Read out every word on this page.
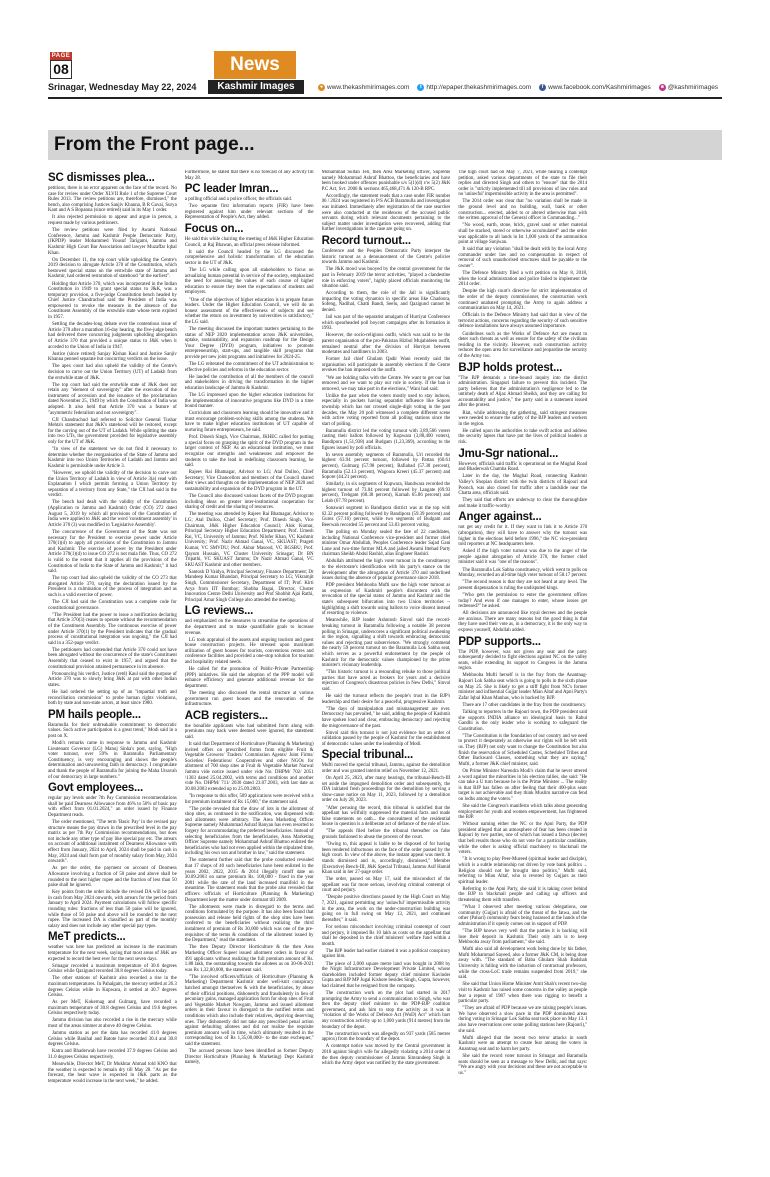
PAGE
08	News
Kashmir Images
Srinagar, Wednesday May 22, 2024	● www.thekashmirimages.com	t http://epaper.thekashmirimages.com	f www.facebook.com/Kashmirimages	■ @kashmirimages
From the Front page...
SC dismisses plea...

petitions, there is no error apparent on the face of the record. No case for review under Order XLVII Rule 1 of the Supreme Court Rules 2013. The review petitions are, therefore, dismissed," the bench, also comprising Justices Sanjiv Khanna, B R Gavai, Surya Kant and A S Bopanna (since retired) said in its May 1 order.

It also rejected permission to appear and argue in person, a request made by various petitioners.

The review petitions were filed by Awami National Conference, Jammu and Kashmir People Democratic Party, (JKPDP) leader Mohammed Yousuf Tarigami, Jammu and Kashmir High Court Bar Association and lawyer Muzaffar Iqbal Khan.

On December 11, the top court while upholding the Centre's 2019 decision to abrogate Article 370 of the Constitution, which bestowed special status on the erstwhile state of Jammu and Kashmir, had ordered restoration of statehood "at the earliest".

Holding that Article 370, which was incorporated in the Indian Constitution in 1949 to grant special status to J&K, was a temporary provision, a five-judge Constitution bench headed by Chief Justice Chandrachud said the President of India was empowered to revoke the measure in the absence of the Constituent Assembly of the erstwhile state whose term expired in 1957.

Settling the decades-long debate over the contentious issue of Article 370 after a marathon 16-day hearing, the five-judge bench had delivered three concurring judgments upholding abrogation of Article 370 that provided a unique status to J&K when it acceded to the Union of India in 1947.

Justice (since retired) Sanjay Kishan Kaul and Justice Sanjiv Khanna penned separate but concurring verdicts on the issue.

The apex court had also upheld the validity of the Centre's decision to carve out the Union Territory (UT) of Ladakh from the erstwhile state of J&K.

The top court had said the erstwhile state of J&K does not retain any "element of sovereignty" after the execution of the instrument of accession and the issuance of the proclamation dated November 25, 1949 by which the Constitution of India was adopted. It also held that Article 370 was a feature of "asymmetric federalism and not sovereignty".

CJI Chandrachud had referred to Solicitor General Tushar Mehta's statement that J&K's statehood will be restored, except for the carving out of the UT of Ladakh. While splitting the state into two UTs, the government provided for legislative assembly only for the UT of J&K.

"In view of the statement we do not find it necessary to determine whether the reorganisation of the State of Jammu and Kashmir into two Union Territories of Ladakh and Jammu and Kashmir is permissible under Article 3.

"However, we uphold the validity of the decision to carve out the Union Territory of Ladakh in view of Article 3(a) read with Explanation I which permits forming a Union Territory by separation of a territory from any State," the CJI had said in the verdict.

The bench had dealt with the validity of the Constitution (Application to Jammu and Kashmir) Order (CO) 272 dated August 5, 2019 by which all provisions of the Constitution of India were applied to J&K and the word 'constituent assembly' in Article 370 (3) was modified to 'Legislative Assembly'.

The concurrence of the Government of the State was not necessary for the President to exercise power under Article 370(1)(d) to apply all provisions of the Constitution to Jammu and Kashmir. The exercise of power by the President under Article 370(1)(d) to issue CO 272 is not mala fide. Thus, CO 272 is valid to the extent that it applies all the provisions of the Constitution of India to the State of Jammu and Kashmir," it had said.

The top court had also upheld the validity of the CO 273 that abrogated Article 370, saying the declaration issued by the President is a culmination of the process of integration and as such is a valid exercise of power.

The CJI had said the Constitution was a complete code for constitutional governance.

"The President had the power to issue a notification declaring that Article 370(3) ceases to operate without the recommendation of the Constituent Assembly. The continuous exercise of power under Article 370(1) by the President indicates that the gradual process of constitutional integration was ongoing," the CJI had said in a 352-page verdict.

The petitioners had contended that Article 370 could not have been abrogated without the concurrence of the state's Constituent Assembly that ceased to exist in 1957, and argued that the constitutional provision attained permanence in its absence.

Pronouncing his verdict, Justice (retd) Kaul said the purpose of Article 370 was to slowly bring J&K at par with other Indian states.

He had ordered the setting up of an "impartial truth and reconciliation commission" to probe human rights violations, both by state and non-state actors, at least since 1980.

PM hails people...

Baramulla for their unbreakable commitment to democratic values. Such active participation is a great trend," Modi said in a post on X.

Modi's remarks came in response to Jammu and Kashmir Lieutenant Governor (LG) Manoj Sinha's post, saying, "High voter turnout, over 59% in Baramulla Parliamentary Constituency, is very encouraging and shows the people's determination and unwavering faith in democracy. I congratulate and thank the people of Baramulla for joining the Maha Utsavah of our democracy in large numbers."

Govt employees...

regular pay levels under 7th Pay Commission recommendations shall be paid Dearness Allowance from 46% to 50% of basic pay with effect from 01.01.2024," an order issued by Finance Department reads.

The order mentioned, "The term 'Basic Pay' in the revised pay structure means the pay drawn in the prescribed level in the pay matrix as per 7th Pay Commission recommendations, but does not include any other type of pay like special pay etc. The arrears on account of additional instalment of Dearness Allowance with effect from January, 2024 to April, 2024 shall be paid in cash in May, 2024 and shall form part of monthly salary from May, 2024 onwards".

As per the order, the payment on account of Dearness Allowance involving a fraction of 50 paise and above shall be rounded to the next higher rupee and the fraction of less than 50 paise shall be ignored.

Key points from the order include the revised DA will be paid in cash from May 2024 onwards, with arrears for the period from January to April 2024. Payment calculations will follow specific rounding rules: fractions of less than 50 paise will be ignored, while those of 50 paise and above will be rounded to the next rupee. The increased DA is classified as part of the monthly salary and does not include any other special pay types.

MeT predicts...

weather was here has predicted an increase in the maximum temperature for the next week, saying that most areas of J&K are expected to record the best ever for the next seven days.

Srinagar recorded a maximum temperature of 30.6 degrees Celsius while Qazigund recorded 30.8 degrees Celsius today.

The other stations of Kashmir also recorded a rise in the maximum temperatures. In Pahalgam, the mercury settled at 26.3 degrees Celsius while in Kupwara, it settled at 30.7 degrees Celsius.

As per MeT, Kokernag and Gulmarg, have recorded a maximum temperature of 30.8 degrees Celsius and 19.6 degrees Celsius respectively today.

Jammu division has also recorded a rise in the mercury while most of the areas simmer at above 40 degree Celsius.

Jammu station as per the data has recorded 41.0 degrees Celsius while Banihal and Batote have recorded 30.4 and 30.8 degrees Celsius.

Katra and Bhaderwah have recorded 37.9 degrees Celsius and 31.0 degrees Celsius respectively.

Meanwhile, Director MeT, Dr Mukhtar Ahmad told KNO that the weather is expected to remain dry till May 28. "As per the forecast, the heat wave is expected in J&K parts as the temperature would increase in the next week," he added.

Furthermore, he stated that there is no forecast of any activity till May 28.

PC leader Imran...

a polling official and a police officer, the officials said.

Two separate first information reports (FIR) have been registered against him under relevant sections of the Representation of People's Act, they added.

Focus on...

He said this while chairing the meeting of J&K Higher Education Council, at Raj Bhawan, an official press release informed.

It said the Council headed by the LG discussed the comprehensive and holistic transformation of the education sector in the UT of J&K.

The LG while calling upon all stakeholders to focus on actualizing human potential in service of the society, emphasized the need for assessing the values of each course of higher education to ensure they meet the expectations of students and employers.

"One of the objectives of higher education is to prepare future leaders. Under the Higher Education Council, we will do an honest assessment of the effectiveness of subjects and see whether the return on investment by universities is satisfactory," the LG said.

The meeting discussed the important matters pertaining to the status of NEP 2020 implementation across J&K universities, uptake, sustainability, and expansion roadmap for the Design Your Degree (DYD) program, initiatives to promote entrepreneurship, start-ups, and tangible skill programs that provide per new joint programs and initiatives for 2024-25.

The LG reiterated the commitment of the UT administration to effective policies and reforms in the education sector.

He lauded the contribution of all the members of the council and stakeholders in driving the transformation in the higher education landscape of Jammu & Kashmir.

The LG impressed upon the higher education institutions for the implementation of innovative programs like DYD in a time bound manner.

Curriculum and classroom learning should be innovative and it must encourage problem-solving skills among the students. We have to make higher education institutions of UT capable of nurturing future entrepreneurs, he said.

Prof. Dinesh Singh, Vice Chairman, JKHEC called for putting a special focus on grasping the spirit of the DYD program in the larger context of NEP. As an educational institution, we must recognize our strengths and weaknesses and empower the students to take the lead in redefining classroom learning, he said.

Rajeev Rai Bhatnagar, Advisor to LG; Atal Dulloo, Chief Secretary; Vice Chancellors and members of the Council shared their views and thoughts on the implementation of NEP 2020 and sustainability and expansion of the DYD program in the UT.

The Council also discussed various facets of the DYD program including ideas on greater inter-institutional cooperation for sharing of credit and the sharing of resources.

The meeting was attended by Rajeev Rai Bhatnagar, Advisor to LG; Atal Dulloo, Chief Secretary; Prof. Dinesh Singh, Vice Chairman, J&K Higher Education Council; Alok Kumar, Principal Secretary Higher Education Department; Prof. Umesh Rai, VC, University of Jammu; Prof. Nilofer Khan, VC Kashmir University; Prof. Nazir Ahmad Ganai, VC, SKUAST; Prageti Kumar, VC SMVDU; Prof. Akbar Masood, VC BGSBU; Prof. Qayum Hussain, VC Cluster University Srinagar; Dr BN Tripathi, VC SKUAST Jammu; Dr Nazir Ahmad Ganai, VC SKUAST Kashmir and other members.

Santosh D Vaidya, Principal Secretary, Finance Department; Dr Mandeep Kumar Bhandari, Principal Secretary to LG; Vikramjit Singh, Commissioner Secretary, Department of IT; Prof. Kirti Arya from IIT Bombay; Shobha Bagai, Director, Cluster Innovation Centre Delhi University and Prof Shobhit Ajai Rathi, Principal Amar Singh College also attended the meeting.

LG reviews...

and emphasized on the measures to streamline the operations of the department and to make quantifiable goals to increase revenue.

LG took appraisal of the assets and ongoing tourism and guest house construction projects. He stressed upon maximum utilization of guest houses for tourists, conventions centres and conference facilities and provided a one-stop solution for tourism and hospitality related needs.

He called for the promotion of Public-Private Partnership (PPP) initiatives. He said the adoption of the PPP model will enhance efficiency and generate additional revenue for the department.

The meeting also discussed the rental structure at various government run guest houses and the renovation of the infrastructure.

ACB registers...

the bonafide applicants who had submitted form along with premiums may back were deemed were ignored, the statement said.

It said that Department of Horticulture (Planning & Marketing) invited offers on prescribed forms from eligible Fruit & Vegetable Growers/ Traders/ Commission Agents/ Joint Firms/ Societies/ Federations/ Cooperatives and other NGOs for allotment of 700 shop sites at Fruit & Vegetable Market Narwal Jammu vide notice issued under vide No. DHPM/ 702/ 2051 /1303 dated 25.04.2002, with terms and conditions and another vide No. DHPM/ 711/ 2030 dated 23.07.2003, with last date as 30.08.2003 extended up to 25.09.2003.

"In response to this offer, 509 applications were received with a list premium instalment of Rs 15,000," the statement said.

"The probe revealed that the draw of lots in the allotment of shop sites, as continued in the notification, was dispensed with and allotments were arbitrary. The Area Marketing Officer Supreme namely Muhammad Ashraf Banyan has even resorted to forgery for accommodating the preferred beneficiaries. Instead of selecting beneficiaries from the beneficiaries, Area Marketing Officer Supreme namely Mohammad Ashraf Bhattoo enlisted the beneficiaries who had not even applied within the stipulated time, including his own son and brother in law," said the statement.

The statement further said that the probe conducted revealed that 17 shops of 40 such beneficiaries have been enlisted in the years 2002, 2022, 2015 & 2014 illegally cutoff date on 30.09.2003 on same premium Rs. 100,000 - fixed in the year 2001 while the rate of the land increased manifold in the meantime. The statement reads that the probe also revealed that officers /officials of Horticulture (Planning & Marketing) Department kept the matter under dormant till 2009.

The allotments were made in disregard to the terms and conditions formulated by the purpose. It has also been found that possession and release held rights of the shop sites have been conferred to the beneficiaries without realizing the third instalment of premium of Rs 30,000 which was one of the pre-requisites of the terms & conditions of the allotment issued by the Department," read the statement.

The then Deputy Director Horticulture & the then Area Marketing Officer Supeer issued allotment orders in favour of 491 applicants without realizing the full premium amount of Rs. 1.88 lakh, the outstanding towards the allotees as on 30-06-2021 was Rs 1,32,00,000, the statement said.

"The involved officers/officials of Horticulture (Planning & Marketing) Department Kashmir under well-knit conspiracy hatched amongst themselves & with the beneficiaries, by abuse of their official positions, dishonestly and fraudulently in lieu of pecuniary gains, managed application form for shop sites of Fruit and Vegetable Market Nowgam, Jammu and issued allotment orders in their favour in disregard to the notified terms and conditions which also include their relatives, depriving deserving ones. They dishonestly did not take any prescribed penal action against defaulting allotees and did not realize the requisite premium amount well in time, which ultimately resulted in the corresponding loss of Rs 1,35,00,000/- to the state exchequer," said the statement.

The accused persons have been identified as former Deputy Director Horticulture (Planning & Marketing) Dept Kashmir namely,

Mohammad Sultan Teli, then Area Marketing officer, Supreme namely Mohammad Ashraf Bhattoo, the beneficiaries and have been booked under offences punishable u/s 5(1)(d) r/w 5(2) J&K P.C Act, Svt. 2006 & sections 465,468,471 & 120-B RPC.

Accordingly, the statement reads that a case under FIR number 06 / 2024 was registered in P/S ACB Baramulla and investigation was initiated. Immediately after registration of the case searches were also conducted at the residences of the accused public servants during which relevant documents pertaining to the subject matter under investigation were recovered, adding that further investigations in the case are going on.

Record turnout...

Conference and the Peoples Democratic Party interpret the historic turnout as a denouncement of the Centre's policies towards Jammu and Kashmir.

The J&K mood was buoyed by the central government for the past in February 2019 the terror activities, "played a clandestine role in enforcing voters", highly placed officials monitoring the situation said.

According to them, the role of the Jail is significantly impacting the voting dynamics in specific areas like Chadoora, Sofeng, Nadihal, Chatti Bandi, Seelu, and Qazigund cannot be denied.

Jail was part of the separatist amalgam of Hurriyat Conference which spearheaded poll boycott campaigns after its formation in 1993.

However, the socio-religious outfit, which was said to be the parent organisation of the pro-Pakistan Hizbul Mujahideen outfit, remained neutral after the division of Hurriyat between moderates and hardliners in 2003.

Former Jail chief Ghulam Qadir Wani recently said the organisation will participate in assembly elections if the Centre revokes the ban imposed on the outfit.

"We are holding talks with the Centre. We want to get our ban removed and we want to play our role in society. If the ban is removed, we may take part in the elections," Wani had said.

Unlike the past when the voters mostly used to stay indoors, especially in pockets having separatist influence like Sopore township which has not crossed single-digit voting in the past decades, the May 20 poll witnessed a complete different scene with active voting reported from all polling stations since the start of polling.

Baramulla district led the voting turnout with 3,89,566 voters casting their ballots followed by Kupwara (3,88,400 voters), Bandipora (1,51,938) and Budgam (1,23,369), according to the figures issued by poll officials.

In seven assembly segments of Baramulla, Uri recorded the highest 63.94 percent turnout, followed by Pattan (60.61 percent), Gulmarg (57.98 percent), Rafiabad (57.38 percent), Baramulla (52.13 percent), Wagoora Kreeri (45.37 percent) and Sopore (44.21 percent).

Similarly, in six segments of Kupwara, Handwara recorded the highest turnout of 73.04 percent followed by Langate (69.93 percent), Trehgam (68.38 percent), Karnah 65.86 percent) and Lolab (67.78 percent).

Sonawari segment in Bandipora district was at the top with 62.32 percent polling followed by Bandipora (59.39 percent) and Gurez (57.16) percent, while two segments of Budgam and Beerwah recorded 55 percent and 53.83 percent voting.

The polling on Monday sealed the fate of 22 candidates, including National Conference vice-president and former chief minister Omar Abdullah, Peoples Conference leader Sajad Gani Lone and two-time former MLA and jailed Awami Ittehad Party chairman Sheikh Abdul Rashid, alias Engineer Rashid.

Abdullah attributed the high voter turnout in the constituency to the electorate's identification with his party's stance on the development after the abrogation of Article 370 and underlined issues during the absence of popular governance since 2018.

PDP president Mehbooba Mufti saw the high voter turnout as an expression of Kashmiri people's discontent with the revocation of the special status of Jammu and Kashmir and the state's subsequent bifurcation into two Union territories -- highlighting a shift towards using ballots to voice dissent instead of resorting to violence.

Meanwhile, BJP leader Ashutosh Sinvol said the record-breaking turnout in Baramulla following a notable 38 percent polling in Srinagar, underscores a significant political awakening in the region, signalling a shift towards embracing democratic values and rejecting past subservience. "We strongly commend the nearly 59 percent turnout on the Baramulla Lok Sabha seat, which serves as a powerful endorsement by the people of Kashmir for the democratic values championed by the prime minister's visionary leadership.

"This historic turnout is a resounding rebuke to those political parties that have acted as brokers for years and a decisive rejection of Congress's disastrous policies in New Delhi," Sinvol said.

He said the turnout reflects the people's trust in the BJP's leadership and their desire for a peaceful, progressive Kashmir.

"The days of manipulation and mismanagement are over. Democracy has prevailed," he said, adding the people of Kashmir have spoken loud and clear, embracing democracy and rejecting the misgovernance of the past.

Sinvol said this turnout is not just evidence but an order of validation passed by the people of Kashmir for the establishment of democratic values under the leadership of Modi.

Special tribunal...

Mufti moved the special tribunal, Jammu, against the demolition order and was granted interim relief on November 12, 2021.

On April 25, 2023, after many hearings, the tribunal-Bench-III set aside the impugned demolition order and subsequently, the JDA initiated fresh proceedings for the demolition by serving a show-cause notice on May 11, 2023, followed by a demolition order on July 28, 2023.

"After perusing the record, this tribunal is satisfied that the appellant has willfully suppressed the material facts and made false statements on oath... the concealment of the residential house in question is a deliberate act of defiance of the rule of law.

"The appeals filed before the tribunal thereafter on false grounds fashioned to abuse the process of the court.

"Owing to, this appeal is liable to be disposed of for having been rendered infructuous on the face of the order passed by the high court. In view of the above, the instant appeal was merit. It stands dismissed and is, accordingly, dismissed," Member (Executive) Bench-III, J&K Special Tribunal, Jammu Asif Hamid Khan said in her 27-page order.

The order, passed on May 17, said the misconduct of the appellant was far more serious, involving criminal contempt of court and perjury.

"Despite positive directions passed by the High Court on May 7, 2021, against permitting any 'unlawful' impermissible activity in the area, the work on the under-construction building was going on in full swing on May 13, 2021, and continued thereafter," it said.

For serious misconduct involving criminal contempt of court and perjury, it imposed Rs 10 lakh as costs on the appellant that shall be deposited in the chief ministers' welfare fund within a month.

The BJP leader had earlier claimed it was a political conspiracy against him.

The piece of 2,000 square metre land was bought in 2008 by the Nirgit Infrastructure Development Private Limited, whose shareholders included former deputy chief minister Kavinder Gupta and BJP MP Jugal Kishore besides Singh, Gupta, however, had claimed that he resigned from the company.

The construction work on the plot had started in 2017 prompting the Army to send a communication to Singh, who was then the deputy chief minister in the PDP-BJP coalition government, and ask him to stop the activity as it was in "violation of the Works of Defence Act (WoD) Act" which bars any construction activity up to 1,000 yards (914 metres) from the boundary of the depot.

The construction work was allegedly on 937 yards (585 metres approx) from the boundary of the depot.

A contempt notice was moved by the Central government in 2018 against Singh's wife for allegedly violating a 2014 order of the then deputy commissioner of Jammu Simrandeep Singh in which the Army depot was notified by the state government.

The high court had on May 7, 2021, while hearing a contempt petition, asked various departments of the state to file their replies and directed Singh and others to "ensure" that the 2014 order is "strictly implemented till all provisions of law rules and no 'unlawful' impermissible activity in the area is permitted".

The 2014 order was clear that "no variation shall be made in the ground level and no building, wall, bank or other construction... erected, added to or altered otherwise than with the written approval of the General officer in Commanding..."

"No wood, earth, stone, brick, gravel sand or other material shall be stacked, stored or otherwise accumulated" and the order was applicable to all lands in Ist 1,000 yards of the ammunition point at village Sunjwan.

It said that any violation "shall be dealt with by the local Army commander under law and no compensation in respect of removal of such unauthorised structures shall be payable to the owner".

The Defence Ministry filed a writ petition on May 8, 2018, when the local administration and police failed to implement the 2014 order.

Despite the high court's directive for strict implementation of the order of the deputy commissioner, the construction work continued unabated prompting the Army to again address a communication on May 14, 2021.

Officials in the Defence Ministry had said that in view of the terrorist actions, concerns regarding the security of such sensitive defence installations have always assumed importance.

Guidelines such as the Works of Defence Act are meant to deter such threats as well as ensure for the safety of the civilians residing in the vicinity. However, such construction activity reduces the open area for surveillance and jeopardise the security of the Army too.

BJP holds protest...

"The BJP demands a time-bound inquiry into the district administration. Singapuri failure to prevent this incident. The party believes that the administration's negligence led to the untimely death of Aljaz Ahmad Sheikh, and they are calling for accountability and justice," the party said in a statement issued after the protest.

Riat, while addressing the gathering, said stringent measures were needed to ensure the safety of the BJP leaders and workers in the region.

He called upon the authorities to take swift action and address the security lapses that have put the lives of political leaders at risk.

Jmu-Sgr national...

However, officials said traffic is operational on the Mughal Road and Bhaderwah Chamba Road.

Later in the day, the Mughal Road, connecting Kashmir Valley's Shopian district with the twin districts of Rajouri and Poonch, was also closed for traffic after a landslide near the Chatta area, officials said.

They said that efforts are underway to clear the thoroughfare and make it traffic-worthy.

Anger against...

not get any credit for it. If they want to link it to Article 370 (abrogation), they will have to answer why the turnout was higher in the elections held before 1996," the NC vice-president told reporters at NC headquarters here.

Asked if the high voter turnout was due to the anger of the people against abrogation of Article 370, the former chief minister said it was "one of the reasons".

The Baramulla Lok Sabha constituency, which went to polls on Monday, recorded an all-time high voter turnout of 58.17 percent.

"The second reason is that they are not heard at any level. The present dispensation is ruling the undisputed kings.

"Who gets the permission to enter the government offices today? And even if one manages to enter, whose issues get redressed?" he asked.

All decisions are announced like royal decrees and the people are anxious. There are many reasons but the good thing is that they have used their vote as, in a democracy, it is the only way to express yourself, Abdullah added.

PDP supports...

The PDP, however, was not given any seat and the party subsequently decided to fight elections against NC on the valley seats, while extending its support to Congress in the Jammu region.

Mehbooba Mufti herself is in the fray from the Anantnag-Rajouri Lok Sabha seat which is going to polls in the sixth phase on May 25. She is likely to get a stiff fight from NC's former minister and influential Gujjar leader Mian Altaf and Apni Party's Zafar Iqbal Khan Manhas, who is backed by BJP.

There are 17 other candidates in the fray from the constituency.

Talking to reporters in the Rajouri town, the PDP president said she supports INDIA alliance on ideological basis to Rahul Gandhi is the only leader who is working to safeguard the Constitution.

"The Constitution is the foundation of our country and we need to protect it desperately as otherwise our rights will be left with us. They (BJP) not only want to change the Constitution but also finish the reservation of Scheduled Castes, Scheduled Tribes and Other Backward Classes, something what they are saying," Mufti, a former J&K chief minister, said.

On Prime Minister Narendra Modi's claim that he never uttered a word against the minorities in his election rallies, she said: "He can take a U turn because he is the Prime Minister ... The reality is that BJP has fallen on after feeling that their 400-plus seats target is not achievable and they think Muslim narrative can fend on lodhs among the voters."

She said the Congress's manifesto which talks about generating employment for youth and women empowerment, has frightened the BJP.

Without naming either the NC or the Apni Party, the PDP president alleged that an atmosphere of fear has been created in Rajouri by two parties, one of which has issued a fatwa (decree) that bell results those who do not vote for a particular candidate, while the other is asking official machinery to blackmail the voters.

"It is wrong to play Peer-Mureed (spiritual leader and disciple), which is a subtle relationship not driven by vote bank politics ... Religion should not be brought into politics," Mufti said, referring to Mian Altaf, who is revered by Gujjars as their spiritual leader.

Referring to the Apni Party, she said it is taking cover behind the BJP to blackmail people and calling up officers and threatening them with transfers.

"What I observed after meeting various delegations, one community (Gujjar) is afraid of the threat of the fatwa, and the other (Pahari) community fears being harassed at the hands of the administration if it openly comes out in support of PDP.

"The BJP knows very well that the parties it is backing will lose their deposit in Kashmir. Their only aim is to keep Mehbooba away from parliament," she said.

Mufti also said all development work being done by his father, Mufti Mohammad Sayeed, also a former J&K CM, is being done away with. "The standard of Baba Ghulam Shah Badshah University is falling with the induction of contractual professors, while the cross-LoC trade remains suspended from 2019," she said.

She said that Union Home Minister Amit Shah's recent two-day visit to Kashmir has raised some concerns in the valley as people fear a repeat of 1987 when there was rigging to benefit a particular party.

"They are afraid of PDP because we are raising people's issues. We have observed a slow pace in the PDP dominated areas during voting in Srinagar Lok Sabha seat took place on May 13. I also have reservations over some polling stations here (Rajouri)," she said.

Mufti alleged that the recent two terror attacks in south Kashmir were an attempt to create fear among the voters in Anantnag seat and to harm her party.

She said the record voter turnout in Srinagar and Baramulla seats should be seen as a message to New Delhi, and that says: "We are angry with your decisions and these are not acceptable to us."
